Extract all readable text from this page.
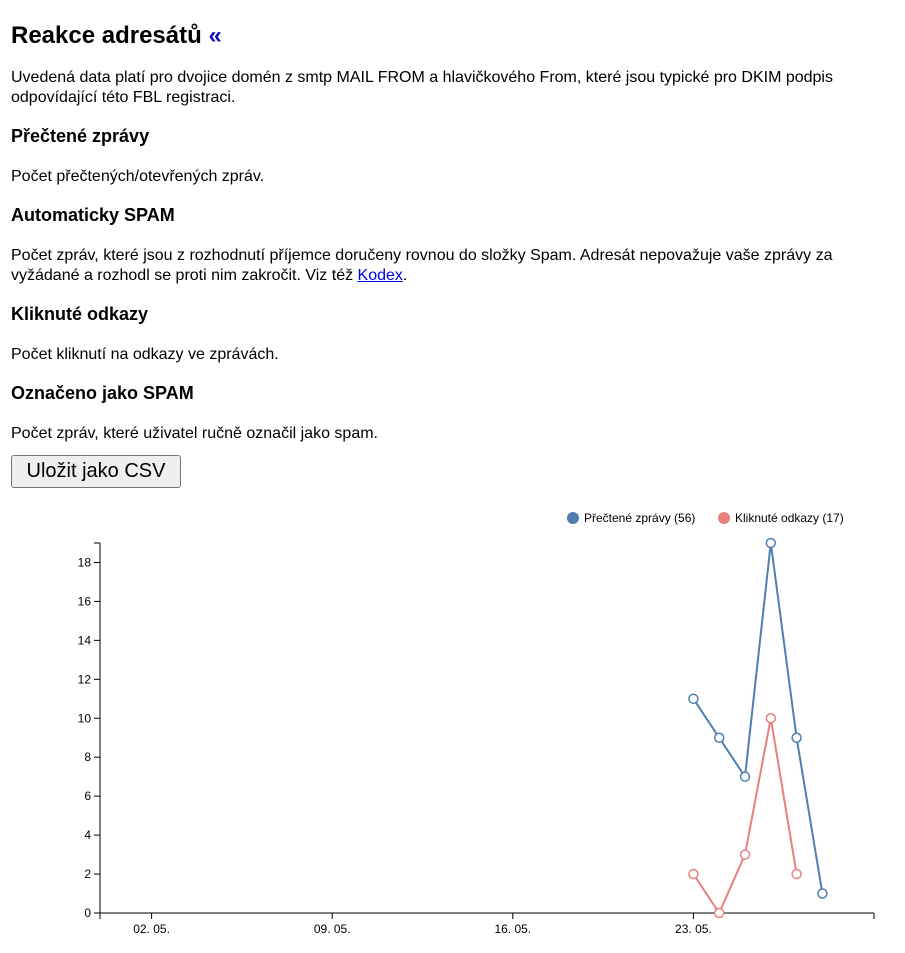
Reakce adresátů «

Uvedená data platí pro dvojice domén z smtp MAIL FROM a hlavičkového From, které jsou typické pro DKIM podpis odpovídající této FBL registraci.

Přečtené zprávy

Počet přečtených/otevřených zpráv.

Automaticky SPAM

Počet zpráv, které jsou z rozhodnutí příjemce doručeny rovnou do složky Spam. Adresát nepovažuje vaše zprávy za vyžádané a rozhodl se proti nim zakročit. Viz též Kodex.

Kliknuté odkazy

Počet kliknutí na odkazy ve zprávách.

Označeno jako SPAM

Počet zpráv, které uživatel ručně označil jako spam.

Uložit jako CSV
0
2
4
6
8
10
12
14
16
18
02. 05.	09. 05.	16. 05.	23. 05.
Přečtené zprávy (56)	Kliknuté odkazy (17)
